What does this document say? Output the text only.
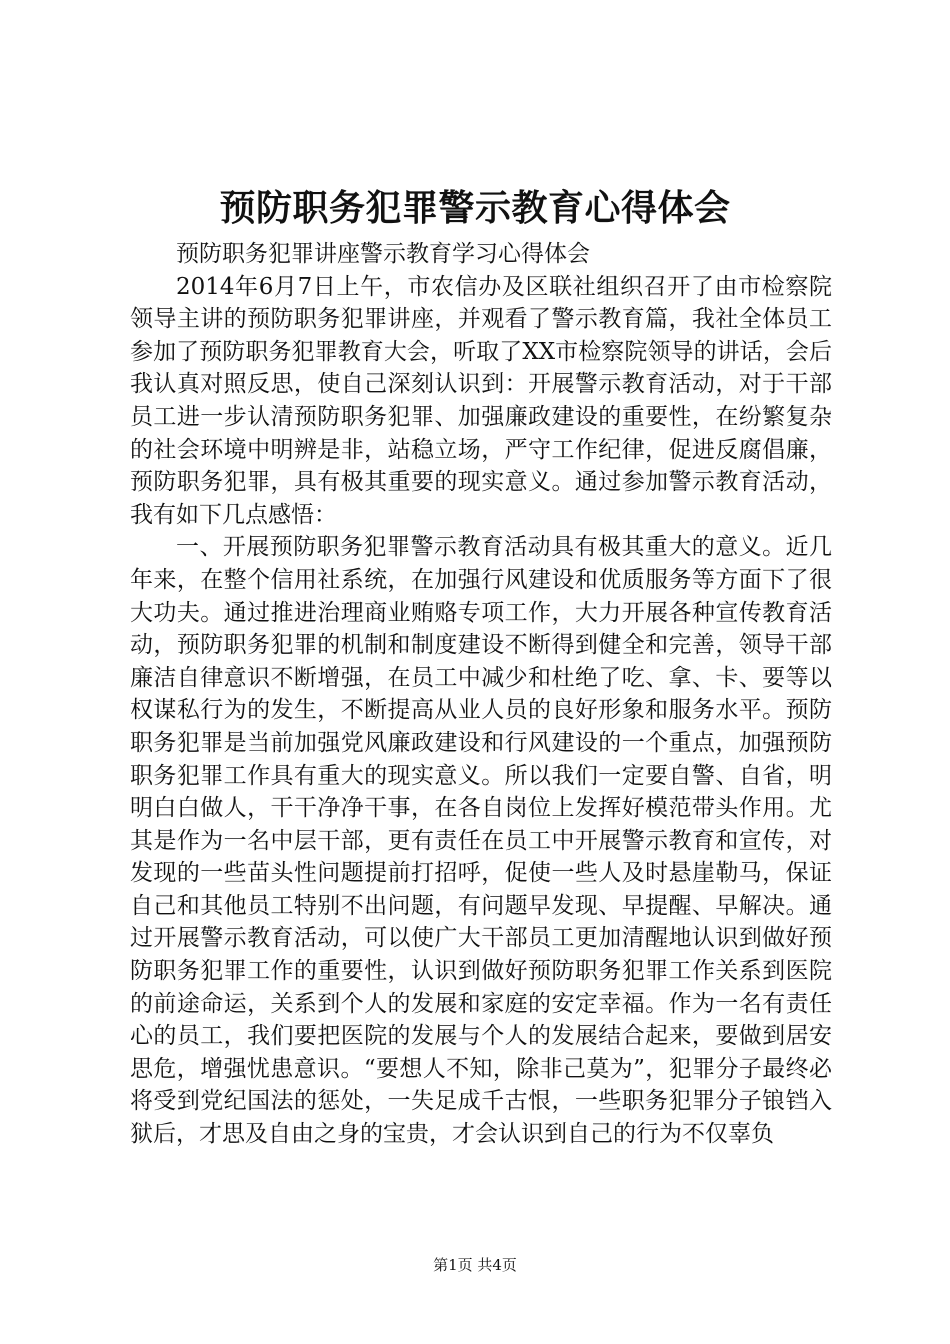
预防职务犯罪警示教育心得体会

预防职务犯罪讲座警示教育学习心得体会

2014年6月7日上午，市农信办及区联社组织召开了由市检察院领导主讲的预防职务犯罪讲座，并观看了警示教育篇，我社全体员工参加了预防职务犯罪教育大会，听取了XX市检察院领导的讲话，会后我认真对照反思，使自己深刻认识到：开展警示教育活动，对于干部员工进一步认清预防职务犯罪、加强廉政建设的重要性，在纷繁复杂的社会环境中明辨是非，站稳立场，严守工作纪律，促进反腐倡廉，预防职务犯罪，具有极其重要的现实意义。通过参加警示教育活动，我有如下几点感悟：

一、开展预防职务犯罪警示教育活动具有极其重大的意义。近几年来，在整个信用社系统，在加强行风建设和优质服务等方面下了很大功夫。通过推进治理商业贿赂专项工作，大力开展各种宣传教育活动，预防职务犯罪的机制和制度建设不断得到健全和完善，领导干部廉洁自律意识不断增强，在员工中减少和杜绝了吃、拿、卡、要等以权谋私行为的发生，不断提高从业人员的良好形象和服务水平。预防职务犯罪是当前加强党风廉政建设和行风建设的一个重点，加强预防职务犯罪工作具有重大的现实意义。所以我们一定要自警、自省，明明白白做人，干干净净干事，在各自岗位上发挥好模范带头作用。尤其是作为一名中层干部，更有责任在员工中开展警示教育和宣传，对发现的一些苗头性问题提前打招呼，促使一些人及时悬崖勒马，保证自己和其他员工特别不出问题，有问题早发现、早提醒、早解决。通过开展警示教育活动，可以使广大干部员工更加清醒地认识到做好预防职务犯罪工作的重要性，认识到做好预防职务犯罪工作关系到医院的前途命运，关系到个人的发展和家庭的安定幸福。作为一名有责任心的员工，我们要把医院的发展与个人的发展结合起来，要做到居安思危，增强忧患意识。“要想人不知，除非己莫为”，犯罪分子最终必将受到党纪国法的惩处，一失足成千古恨，一些职务犯罪分子锒铛入狱后，才思及自由之身的宝贵，才会认识到自己的行为不仅辜负

第1页 共4页
